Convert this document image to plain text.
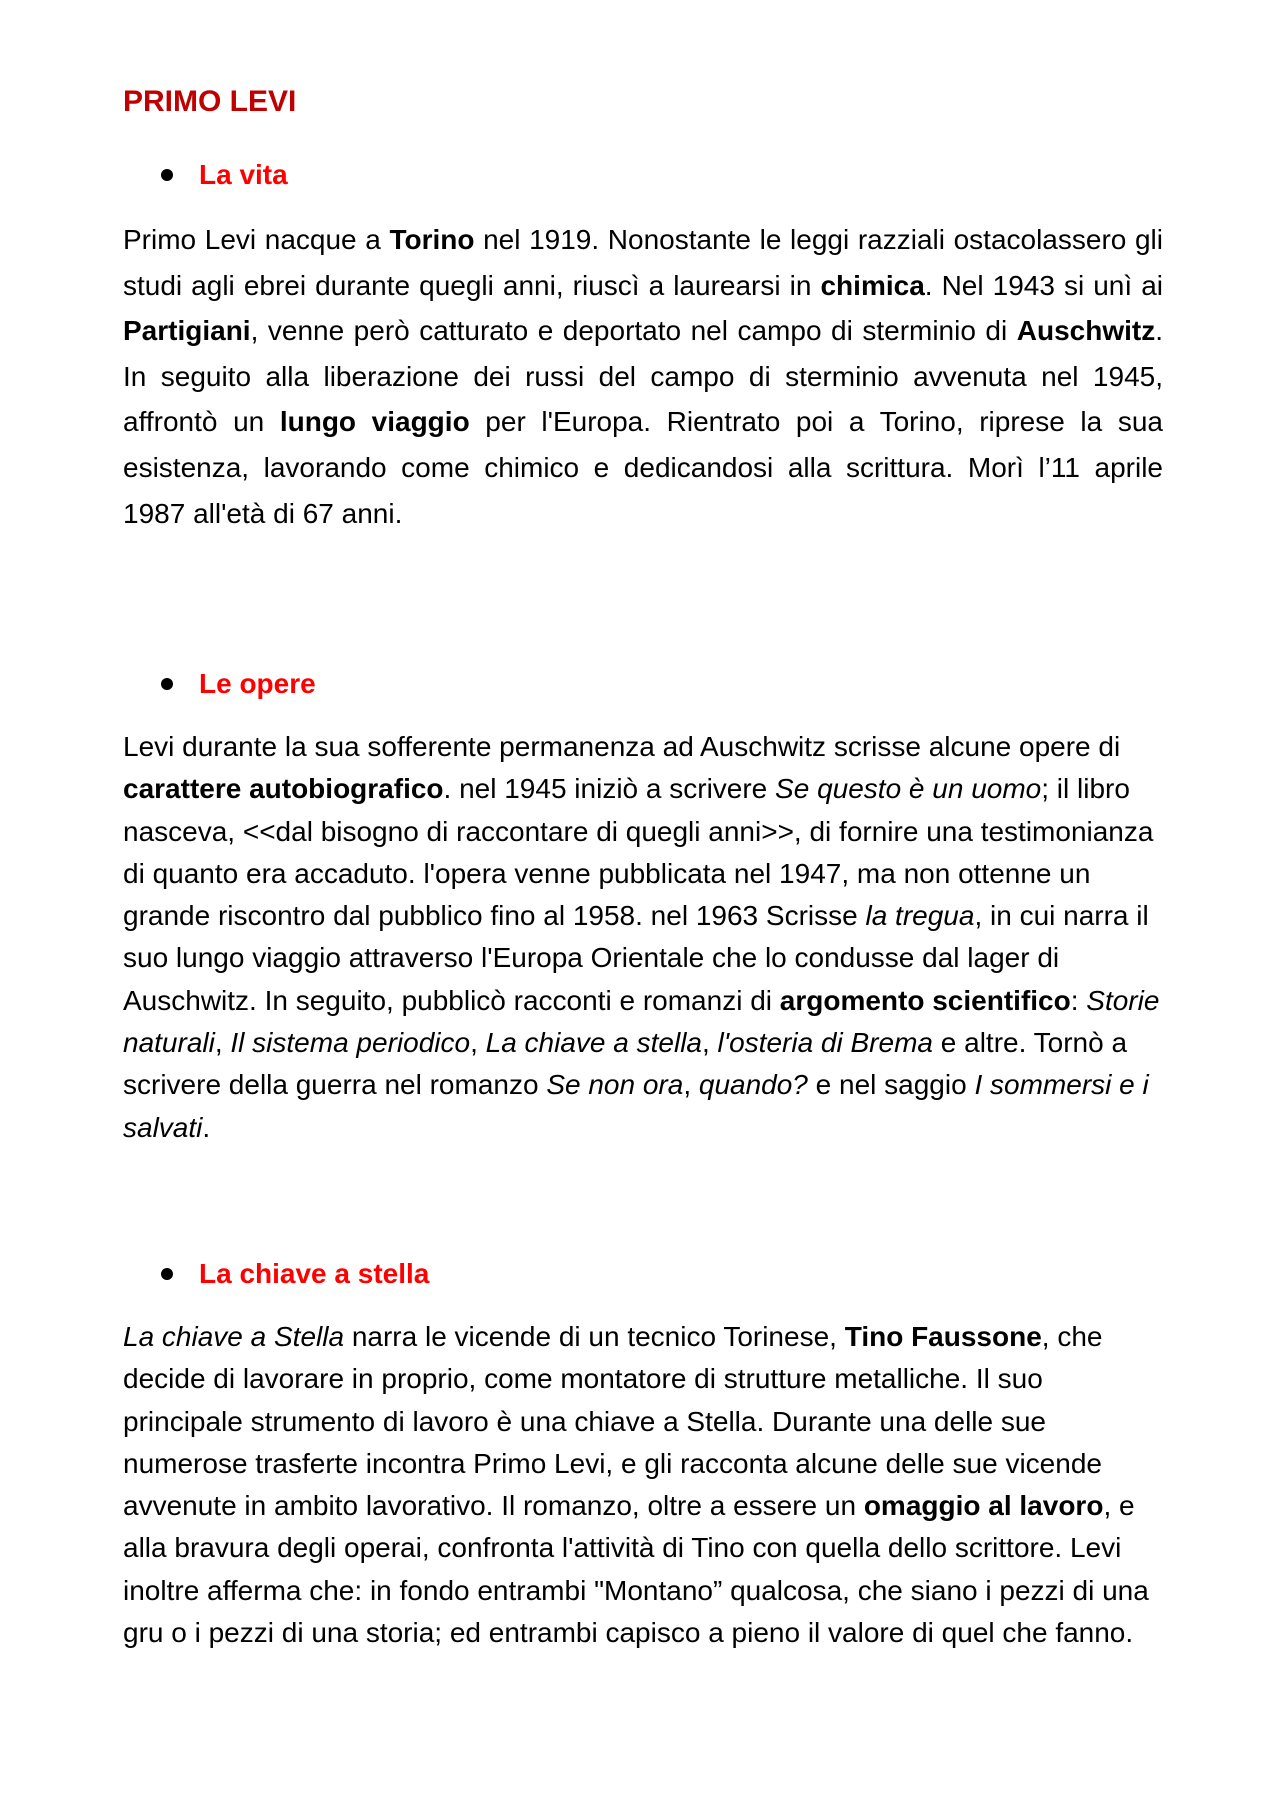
PRIMO LEVI
La vita

Primo Levi nacque a Torino nel 1919. Nonostante le leggi razziali ostacolassero gli studi agli ebrei durante quegli anni, riuscì a laurearsi in chimica. Nel 1943 si unì ai Partigiani, venne però catturato e deportato nel campo di sterminio di Auschwitz. In seguito alla liberazione dei russi del campo di sterminio avvenuta nel 1945, affrontò un lungo viaggio per l'Europa. Rientrato poi a Torino, riprese la sua esistenza, lavorando come chimico e dedicandosi alla scrittura. Morì l’11 aprile 1987 all'età di 67 anni.

Le opere

Levi durante la sua sofferente permanenza ad Auschwitz scrisse alcune opere di carattere autobiografico. nel 1945 iniziò a scrivere Se questo è un uomo; il libro nasceva, <<dal bisogno di raccontare di quegli anni>>, di fornire una testimonianza di quanto era accaduto. l'opera venne pubblicata nel 1947, ma non ottenne un grande riscontro dal pubblico fino al 1958. nel 1963 Scrisse la tregua, in cui narra il suo lungo viaggio attraverso l'Europa Orientale che lo condusse dal lager di Auschwitz. In seguito, pubblicò racconti e romanzi di argomento scientifico: Storie naturali, Il sistema periodico, La chiave a stella, l'osteria di Brema e altre. Tornò a scrivere della guerra nel romanzo Se non ora, quando? e nel saggio I sommersi e i salvati.

La chiave a stella

La chiave a Stella narra le vicende di un tecnico Torinese, Tino Faussone, che decide di lavorare in proprio, come montatore di strutture metalliche. Il suo principale strumento di lavoro è una chiave a Stella. Durante una delle sue numerose trasferte incontra Primo Levi, e gli racconta alcune delle sue vicende avvenute in ambito lavorativo. Il romanzo, oltre a essere un omaggio al lavoro, e alla bravura degli operai, confronta l'attività di Tino con quella dello scrittore. Levi inoltre afferma che: in fondo entrambi "Montano” qualcosa, che siano i pezzi di una gru o i pezzi di una storia; ed entrambi capisco a pieno il valore di quel che fanno.
